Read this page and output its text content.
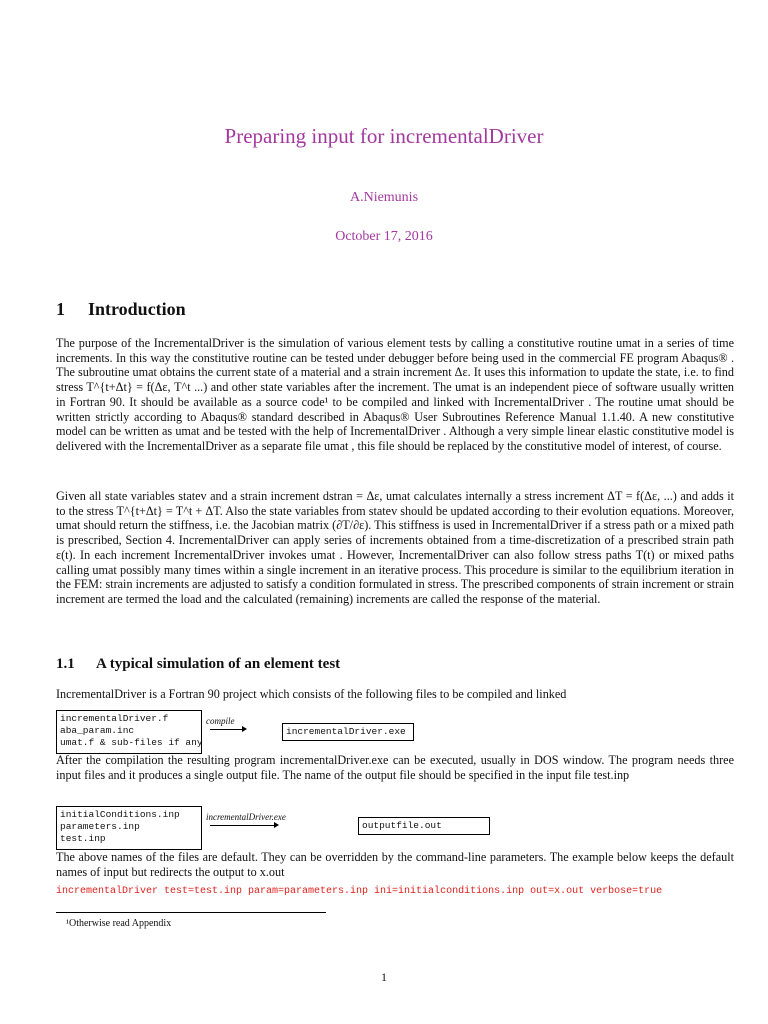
Preparing input for incrementalDriver
A.Niemunis
October 17, 2016
1 Introduction
The purpose of the IncrementalDriver is the simulation of various element tests by calling a constitutive routine umat in a series of time increments. In this way the constitutive routine can be tested under debugger before being used in the commercial FE program Abaqus® . The subroutine umat obtains the current state of a material and a strain increment Δε. It uses this information to update the state, i.e. to find stress T^{t+Δt} = f(Δε, T^t ...) and other state variables after the increment. The umat is an independent piece of software usually written in Fortran 90. It should be available as a source code¹ to be compiled and linked with IncrementalDriver . The routine umat should be written strictly according to Abaqus® standard described in Abaqus® User Subroutines Reference Manual 1.1.40. A new constitutive model can be written as umat and be tested with the help of IncrementalDriver . Although a very simple linear elastic constitutive model is delivered with the IncrementalDriver as a separate file umat , this file should be replaced by the constitutive model of interest, of course.
Given all state variables statev and a strain increment dstran = Δε, umat calculates internally a stress increment ΔT = f(Δε, ...) and adds it to the stress T^{t+Δt} = T^t + ΔT. Also the state variables from statev should be updated according to their evolution equations. Moreover, umat should return the stiffness, i.e. the Jacobian matrix (∂T/∂ε). This stiffness is used in IncrementalDriver if a stress path or a mixed path is prescribed, Section 4. IncrementalDriver can apply series of increments obtained from a time-discretization of a prescribed strain path ε(t). In each increment IncrementalDriver invokes umat . However, IncrementalDriver can also follow stress paths T(t) or mixed paths calling umat possibly many times within a single increment in an iterative process. This procedure is similar to the equilibrium iteration in the FEM: strain increments are adjusted to satisfy a condition formulated in stress. The prescribed components of strain increment or strain increment are termed the load and the calculated (remaining) increments are called the response of the material.
1.1 A typical simulation of an element test
IncrementalDriver is a Fortran 90 project which consists of the following files to be compiled and linked
incrementalDriver.f
aba_param.inc
umat.f & sub-files if any
compile
incrementalDriver.exe
After the compilation the resulting program incrementalDriver.exe can be executed, usually in DOS window. The program needs three input files and it produces a single output file. The name of the output file should be specified in the input file test.inp
initialConditions.inp
parameters.inp
test.inp
incrementalDriver.exe
outputfile.out
The above names of the files are default. They can be overridden by the command-line parameters. The example below keeps the default names of input but redirects the output to x.out
incrementalDriver test=test.inp param=parameters.inp ini=initialconditions.inp out=x.out verbose=true
¹Otherwise read Appendix
1
